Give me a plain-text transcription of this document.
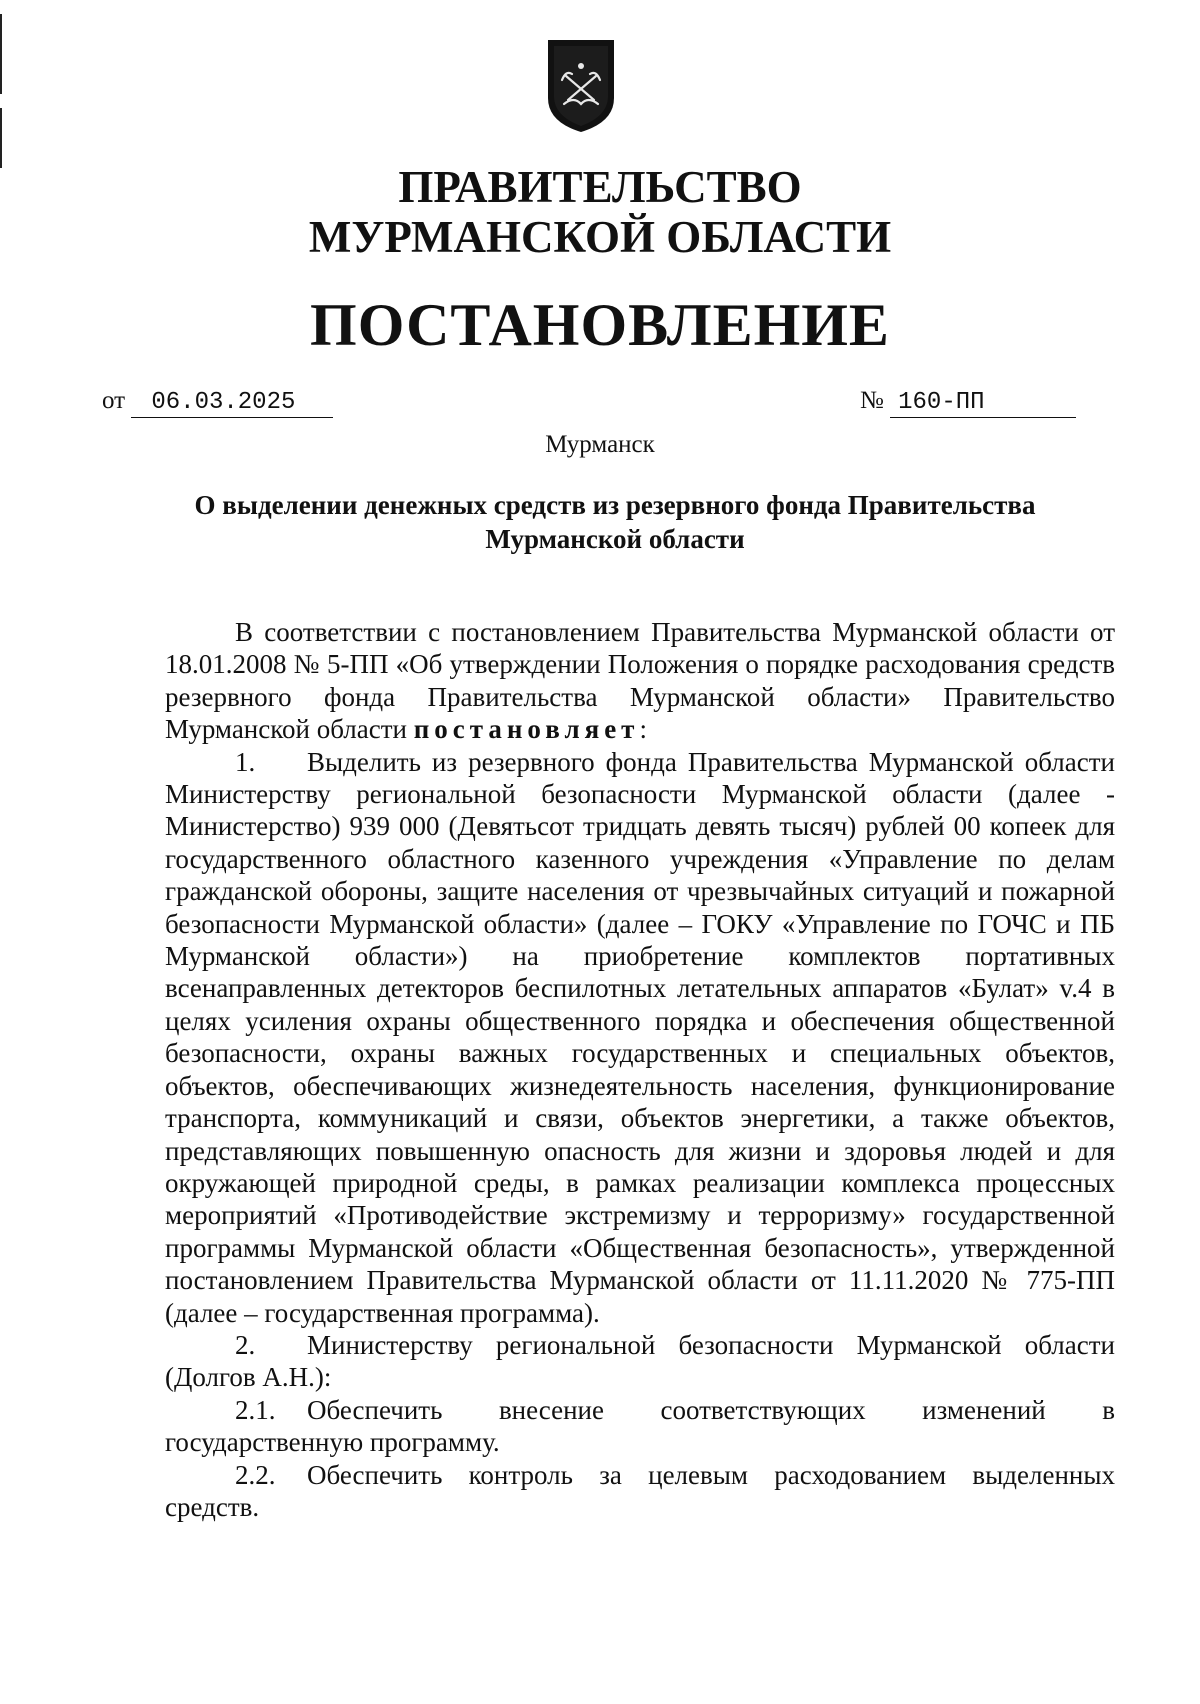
ПРАВИТЕЛЬСТВО
МУРМАНСКОЙ ОБЛАСТИ
ПОСТАНОВЛЕНИЕ
от 06.03.2025	№ 160-ПП
Мурманск

О выделении денежных средств из резервного фонда Правительства Мурманской области

В соответствии с постановлением Правительства Мурманской области от 18.01.2008 № 5-ПП «Об утверждении Положения о порядке расходования средств резервного фонда Правительства Мурманской области» Правительство Мурманской области постановляет:

1. Выделить из резервного фонда Правительства Мурманской области Министерству региональной безопасности Мурманской области (далее - Министерство) 939 000 (Девятьсот тридцать девять тысяч) рублей 00 копеек для государственного областного казенного учреждения «Управление по делам гражданской обороны, защите населения от чрезвычайных ситуаций и пожарной безопасности Мурманской области» (далее – ГОКУ «Управление по ГОЧС и ПБ Мурманской области») на приобретение комплектов портативных всенаправленных детекторов беспилотных летательных аппаратов «Булат» v.4 в целях усиления охраны общественного порядка и обеспечения общественной безопасности, охраны важных государственных и специальных объектов, объектов, обеспечивающих жизнедеятельность населения, функционирование транспорта, коммуникаций и связи, объектов энергетики, а также объектов, представляющих повышенную опасность для жизни и здоровья людей и для окружающей природной среды, в рамках реализации комплекса процессных мероприятий «Противодействие экстремизму и терроризму» государственной программы Мурманской области «Общественная безопасность», утвержденной постановлением Правительства Мурманской области от 11.11.2020 № 775-ПП (далее – государственная программа).

2. Министерству региональной безопасности Мурманской области (Долгов А.Н.):

2.1. Обеспечить внесение соответствующих изменений в государственную программу.

2.2. Обеспечить контроль за целевым расходованием выделенных средств.
